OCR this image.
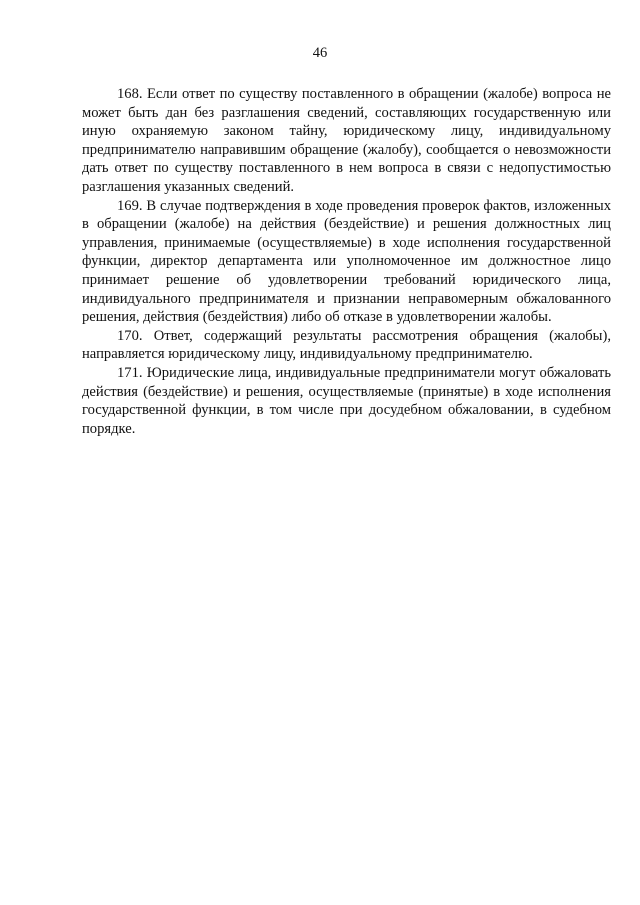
46

168. Если ответ по существу поставленного в обращении (жалобе) вопроса не может быть дан без разглашения сведений, составляющих государственную или иную охраняемую законом тайну, юридическому лицу, индивидуальному предпринимателю направившим обращение (жалобу), сообщается о невозможности дать ответ по существу поставленного в нем вопроса в связи с недопустимостью разглашения указанных сведений.

169. В случае подтверждения в ходе проведения проверок фактов, изложенных в обращении (жалобе) на действия (бездействие) и решения должностных лиц управления, принимаемые (осуществляемые) в ходе исполнения государственной функции, директор департамента или уполномоченное им должностное лицо принимает решение об удовлетворении требований юридического лица, индивидуального предпринимателя и признании неправомерным обжалованного решения, действия (бездействия) либо об отказе в удовлетворении жалобы.

170. Ответ, содержащий результаты рассмотрения обращения (жалобы), направляется юридическому лицу, индивидуальному предпринимателю.

171. Юридические лица, индивидуальные предприниматели могут обжаловать действия (бездействие) и решения, осуществляемые (принятые) в ходе исполнения государственной функции, в том числе при досудебном обжаловании, в судебном порядке.
